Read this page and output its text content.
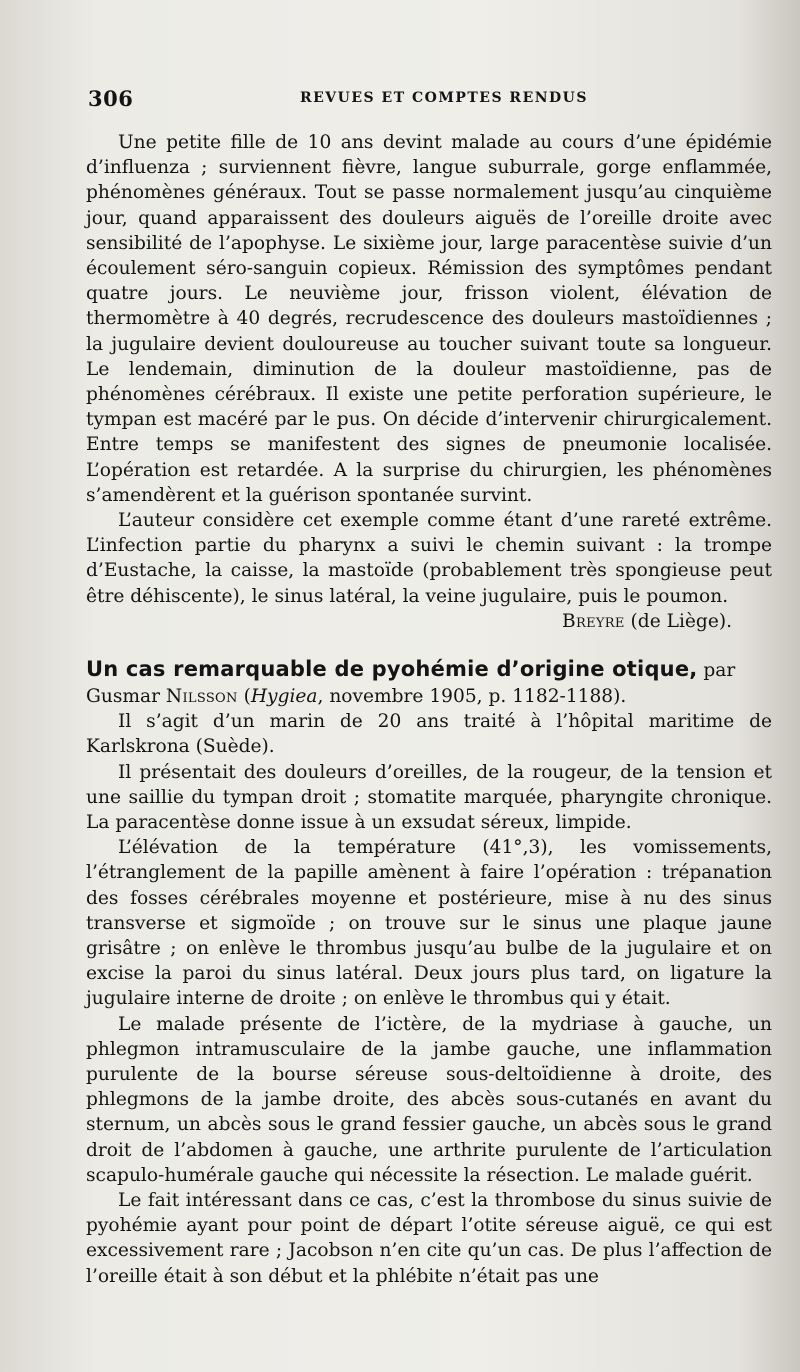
306	REVUES ET COMPTES RENDUS

Une petite fille de 10 ans devint malade au cours d’une épidémie d’influenza ; surviennent fièvre, langue suburrale, gorge enflammée, phénomènes généraux. Tout se passe normalement jusqu’au cinquième jour, quand apparaissent des douleurs aiguës de l’oreille droite avec sensibilité de l’apophyse. Le sixième jour, large paracentèse suivie d’un écoulement séro-sanguin copieux. Rémission des symptômes pendant quatre jours. Le neuvième jour, frisson violent, élévation de thermomètre à 40 degrés, recrudescence des douleurs mastoïdiennes ; la jugulaire devient douloureuse au toucher suivant toute sa longueur. Le lendemain, diminution de la douleur mastoïdienne, pas de phénomènes cérébraux. Il existe une petite perforation supérieure, le tympan est macéré par le pus. On décide d’intervenir chirurgicalement. Entre temps se manifestent des signes de pneumonie localisée. L’opération est retardée. A la surprise du chirurgien, les phénomènes s’amendèrent et la guérison spontanée survint.

L’auteur considère cet exemple comme étant d’une rareté extrême. L’infection partie du pharynx a suivi le chemin suivant : la trompe d’Eustache, la caisse, la mastoïde (probablement très spongieuse peut être déhiscente), le sinus latéral, la veine jugulaire, puis le poumon.

Breyre (de Liège).

Un cas remarquable de pyohémie d’origine otique, par

Gusmar Nilsson (Hygiea, novembre 1905, p. 1182-1188).

Il s’agit d’un marin de 20 ans traité à l’hôpital maritime de Karlskrona (Suède).

Il présentait des douleurs d’oreilles, de la rougeur, de la tension et une saillie du tympan droit ; stomatite marquée, pharyngite chronique. La paracentèse donne issue à un exsudat séreux, limpide.

L’élévation de la température (41°,3), les vomissements, l’étranglement de la papille amènent à faire l’opération : trépanation des fosses cérébrales moyenne et postérieure, mise à nu des sinus transverse et sigmoïde ; on trouve sur le sinus une plaque jaune grisâtre ; on enlève le thrombus jusqu’au bulbe de la jugulaire et on excise la paroi du sinus latéral. Deux jours plus tard, on ligature la jugulaire interne de droite ; on enlève le thrombus qui y était.

Le malade présente de l’ictère, de la mydriase à gauche, un phlegmon intramusculaire de la jambe gauche, une inflammation purulente de la bourse séreuse sous-deltoïdienne à droite, des phlegmons de la jambe droite, des abcès sous-cutanés en avant du sternum, un abcès sous le grand fessier gauche, un abcès sous le grand droit de l’abdomen à gauche, une arthrite purulente de l’articulation scapulo-humérale gauche qui nécessite la résection. Le malade guérit.

Le fait intéressant dans ce cas, c’est la thrombose du sinus suivie de pyohémie ayant pour point de départ l’otite séreuse aiguë, ce qui est excessivement rare ; Jacobson n’en cite qu’un cas. De plus l’affection de l’oreille était à son début et la phlébite n’était pas une
